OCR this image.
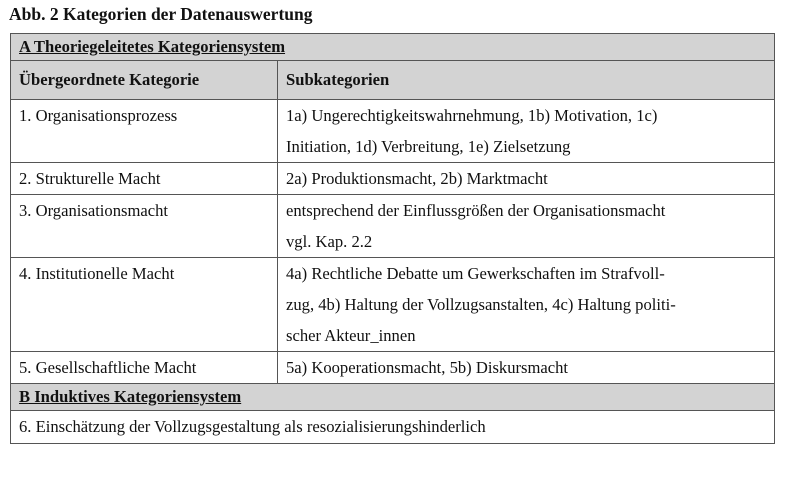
Abb. 2 Kategorien der Datenauswertung
A Theoriegeleitetes Kategoriensystem	
Übergeordnete Kategorie	Subkategorien
1. Organisationsprozess	1a) Ungerechtigkeitswahrnehmung, 1b) Motivation, 1c)
Initiation, 1d) Verbreitung, 1e) Zielsetzung

2. Strukturelle Macht	2a) Produktionsmacht, 2b) Marktmacht

3. Organisationsmacht	entsprechend der Einflussgrößen der Organisationsmacht
vgl. Kap. 2.2

4. Institutionelle Macht	4a) Rechtliche Debatte um Gewerkschaften im Strafvoll-
zug, 4b) Haltung der Vollzugsanstalten, 4c) Haltung politi-
scher Akteur_innen

5. Gesellschaftliche Macht	5a) Kooperationsmacht, 5b) Diskursmacht

B Induktives Kategoriensystem	
6. Einschätzung der Vollzugsgestaltung als resozialisierungshinderlich	
